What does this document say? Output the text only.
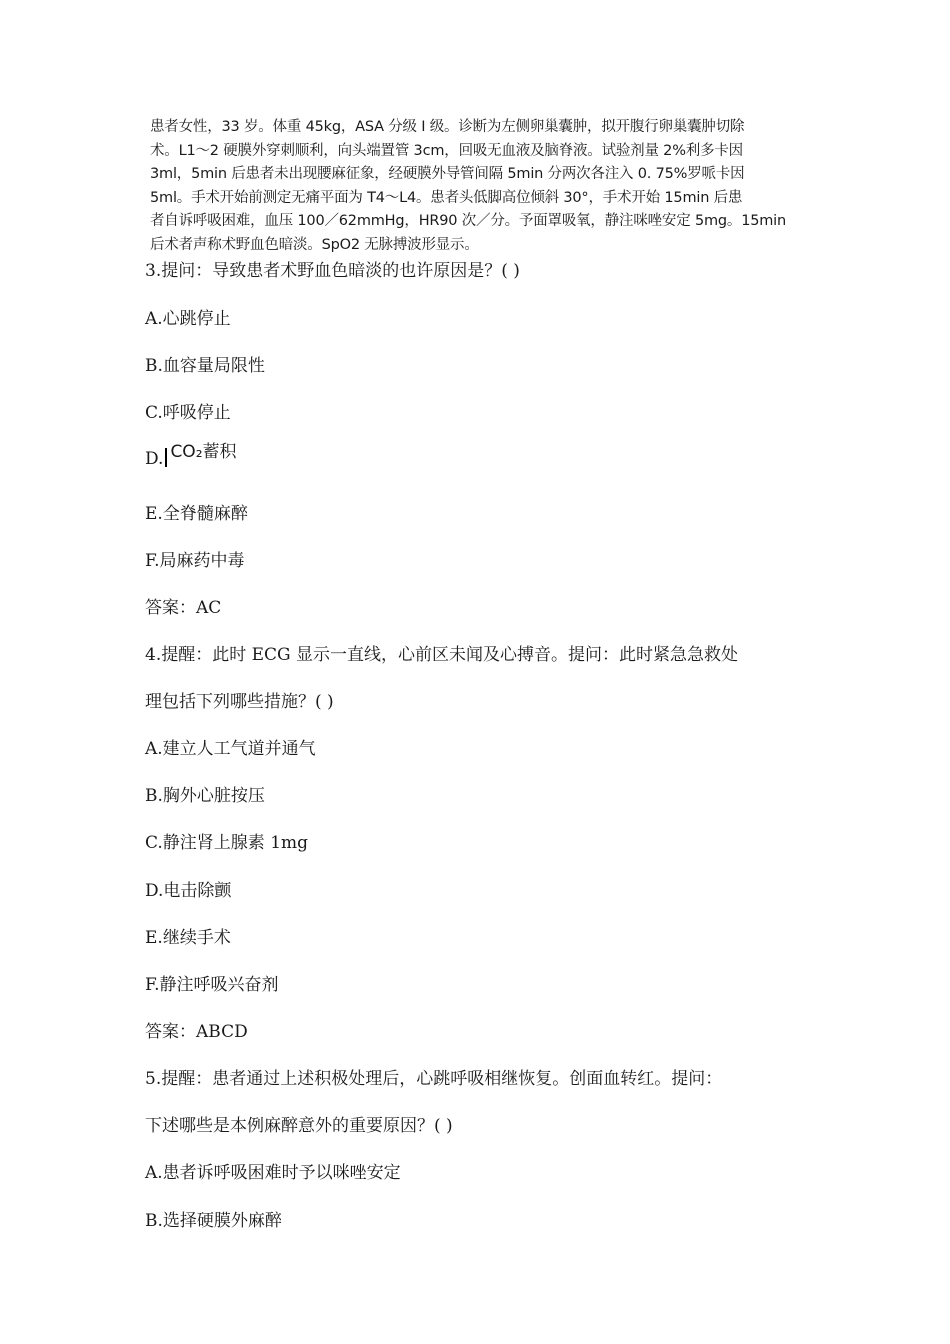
患者女性，33 岁。体重 45kg，ASA 分级 I 级。诊断为左侧卵巢囊肿，拟开腹行卵巢囊肿切除
术。L1～2 硬膜外穿刺顺利，向头端置管 3cm，回吸无血液及脑脊液。试验剂量 2%利多卡因
3ml，5min 后患者未出现腰麻征象，经硬膜外导管间隔 5min 分两次各注入 0. 75%罗哌卡因
5ml。手术开始前测定无痛平面为 T4～L4。患者头低脚高位倾斜 30°，手术开始 15min 后患
者自诉呼吸困难，血压 100／62mmHg，HR90 次／分。予面罩吸氧，静注咪唑安定 5mg。15min
后术者声称术野血色暗淡。SpO2 无脉搏波形显示。
3.提问：导致患者术野血色暗淡的也许原因是？( )
A.心跳停止
B.血容量局限性
C.呼吸停止
D. CO₂蓄积
E.全脊髓麻醉
F.局麻药中毒
答案：AC
4.提醒：此时 ECG 显示一直线，心前区未闻及心搏音。提问：此时紧急急救处
理包括下列哪些措施？( )
A.建立人工气道并通气
B.胸外心脏按压
C.静注肾上腺素 1mg
D.电击除颤
E.继续手术
F.静注呼吸兴奋剂
答案：ABCD
5.提醒：患者通过上述积极处理后，心跳呼吸相继恢复。创面血转红。提问：
下述哪些是本例麻醉意外的重要原因？( )
A.患者诉呼吸困难时予以咪唑安定
B.选择硬膜外麻醉
